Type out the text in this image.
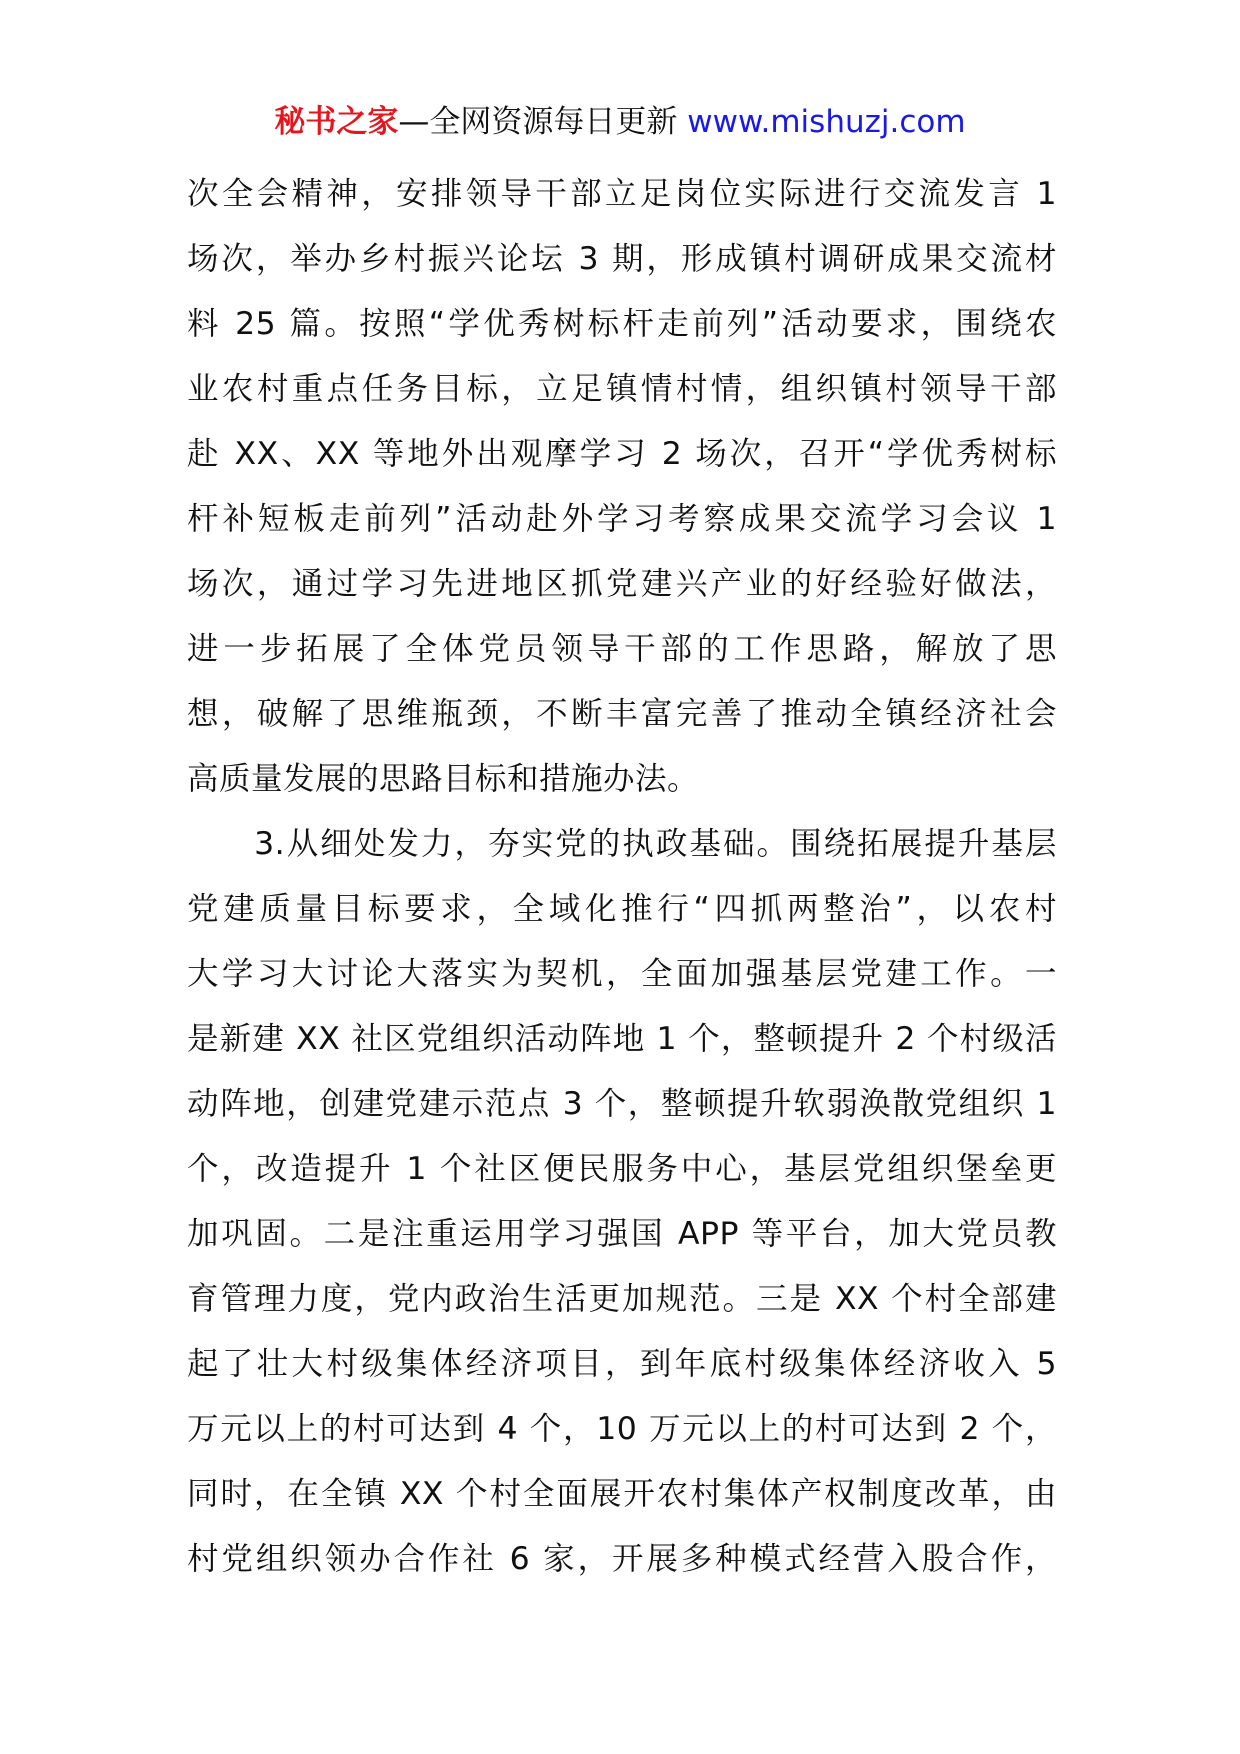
秘书之家—全网资源每日更新 www.mishuzj.com
次全会精神，安排领导干部立足岗位实际进行交流发言 1
场次，举办乡村振兴论坛 3 期，形成镇村调研成果交流材
料 25 篇。按照“学优秀树标杆走前列”活动要求，围绕农
业农村重点任务目标，立足镇情村情，组织镇村领导干部
赴 XX、XX 等地外出观摩学习 2 场次，召开“学优秀树标
杆补短板走前列”活动赴外学习考察成果交流学习会议 1
场次，通过学习先进地区抓党建兴产业的好经验好做法，
进一步拓展了全体党员领导干部的工作思路，解放了思
想，破解了思维瓶颈，不断丰富完善了推动全镇经济社会
高质量发展的思路目标和措施办法。
　　3.从细处发力，夯实党的执政基础。围绕拓展提升基层
党建质量目标要求，全域化推行“四抓两整治”，以农村
大学习大讨论大落实为契机，全面加强基层党建工作。一
是新建 XX 社区党组织活动阵地 1 个，整顿提升 2 个村级活
动阵地，创建党建示范点 3 个，整顿提升软弱涣散党组织 1
个，改造提升 1 个社区便民服务中心，基层党组织堡垒更
加巩固。二是注重运用学习强国 APP 等平台，加大党员教
育管理力度，党内政治生活更加规范。三是 XX 个村全部建
起了壮大村级集体经济项目，到年底村级集体经济收入 5
万元以上的村可达到 4 个，10 万元以上的村可达到 2 个，
同时，在全镇 XX 个村全面展开农村集体产权制度改革，由
村党组织领办合作社 6 家，开展多种模式经营入股合作，
